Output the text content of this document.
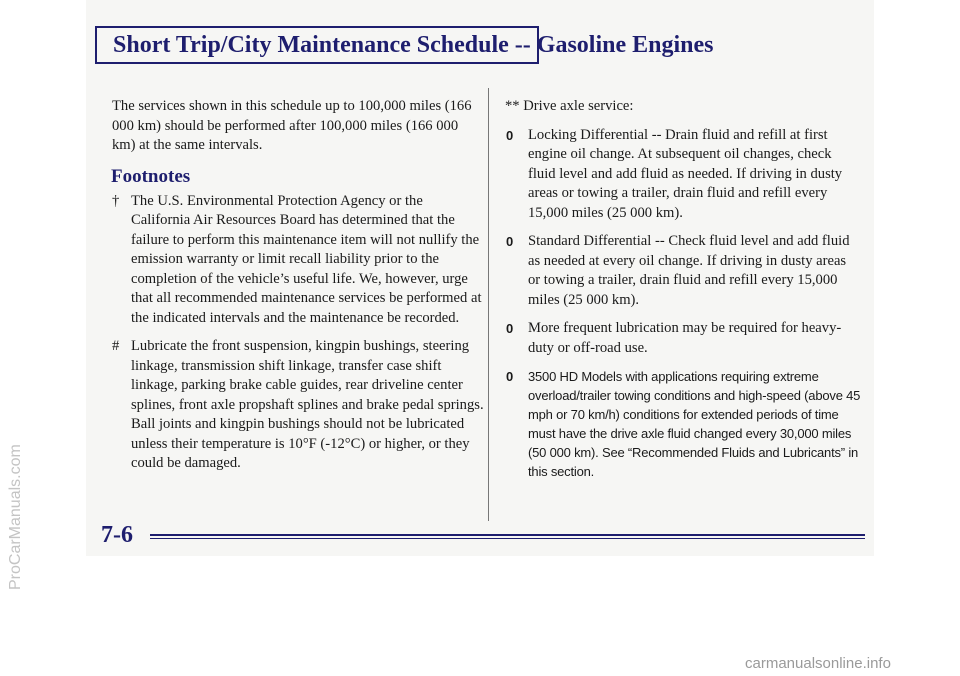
Short Trip/City Maintenance Schedule -- Gasoline Engines

The services shown in this schedule up to 100,000 miles (166 000 km) should be performed after 100,000 miles (166 000 km) at the same intervals.

Footnotes
† The U.S. Environmental Protection Agency or the California Air Resources Board has determined that the failure to perform this maintenance item will not nullify the emission warranty or limit recall liability prior to the completion of the vehicle’s useful life. We, however, urge that all recommended maintenance services be performed at the indicated intervals and the maintenance be recorded.
# Lubricate the front suspension, kingpin bushings, steering linkage, transmission shift linkage, transfer case shift linkage, parking brake cable guides, rear driveline center splines, front axle propshaft splines and brake pedal springs. Ball joints and kingpin bushings should not be lubricated unless their temperature is 10°F (-12°C) or higher, or they could be damaged.

** Drive axle service:

0 Locking Differential -- Drain fluid and refill at first engine oil change. At subsequent oil changes, check fluid level and add fluid as needed. If driving in dusty areas or towing a trailer, drain fluid and refill every 15,000 miles (25 000 km).
0 Standard Differential -- Check fluid level and add fluid as needed at every oil change. If driving in dusty areas or towing a trailer, drain fluid and refill every 15,000 miles (25 000 km).
0 More frequent lubrication may be required for heavy-duty or off-road use.
0 3500 HD Models with applications requiring extreme overload/trailer towing conditions and high-speed (above 45 mph or 70 km/h) conditions for extended periods of time must have the drive axle fluid changed every 30,000 miles (50 000 km). See “Recommended Fluids and Lubricants” in this section.
7-6
ProCarManuals.com
carmanualsonline.info
